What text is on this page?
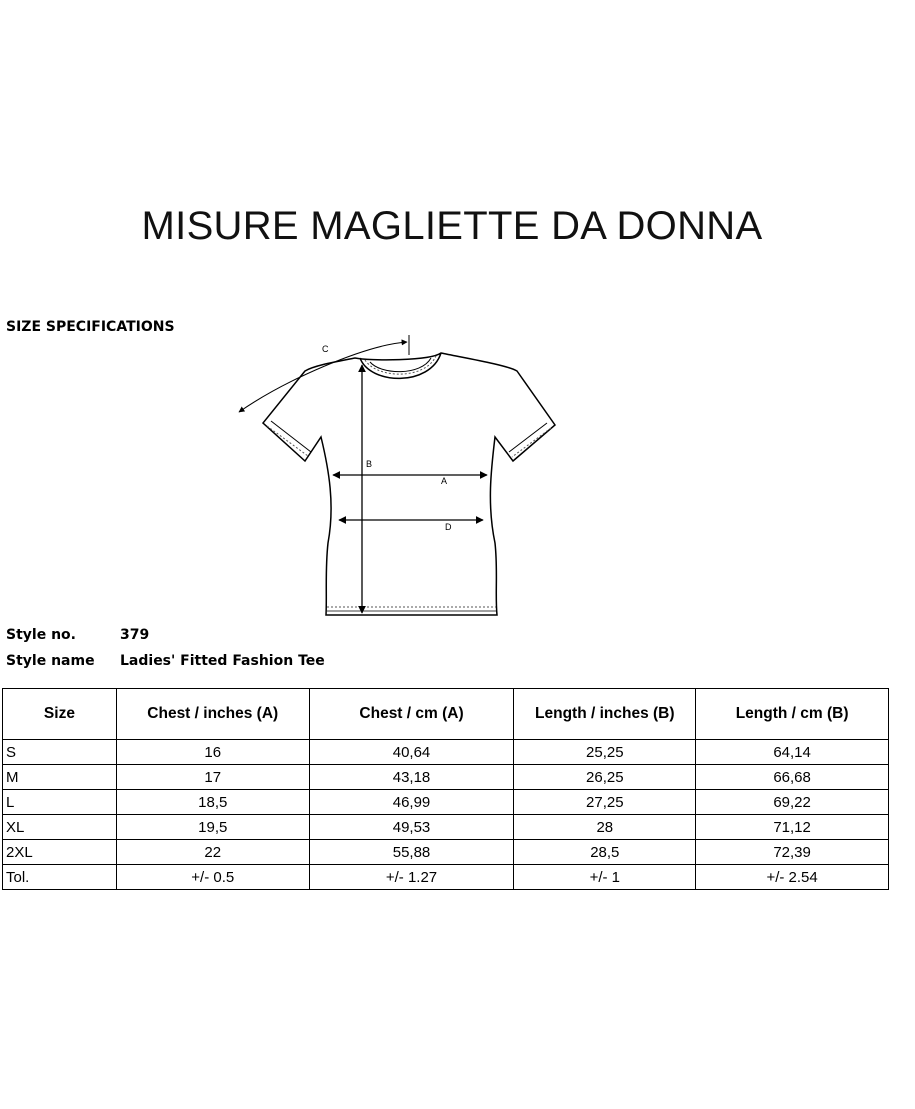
MISURE MAGLIETTE DA DONNA
SIZE SPECIFICATIONS
B
A
D
C
Style no.	379
Style name	Ladies' Fitted Fashion Tee
Size	Chest / inches (A)	Chest / cm (A)	Length / inches (B)	Length / cm (B)
S	16	40,64	25,25	64,14
M	17	43,18	26,25	66,68
L	18,5	46,99	27,25	69,22
XL	19,5	49,53	28	71,12
2XL	22	55,88	28,5	72,39
Tol.	+/- 0.5	+/- 1.27	+/- 1	+/- 2.54
